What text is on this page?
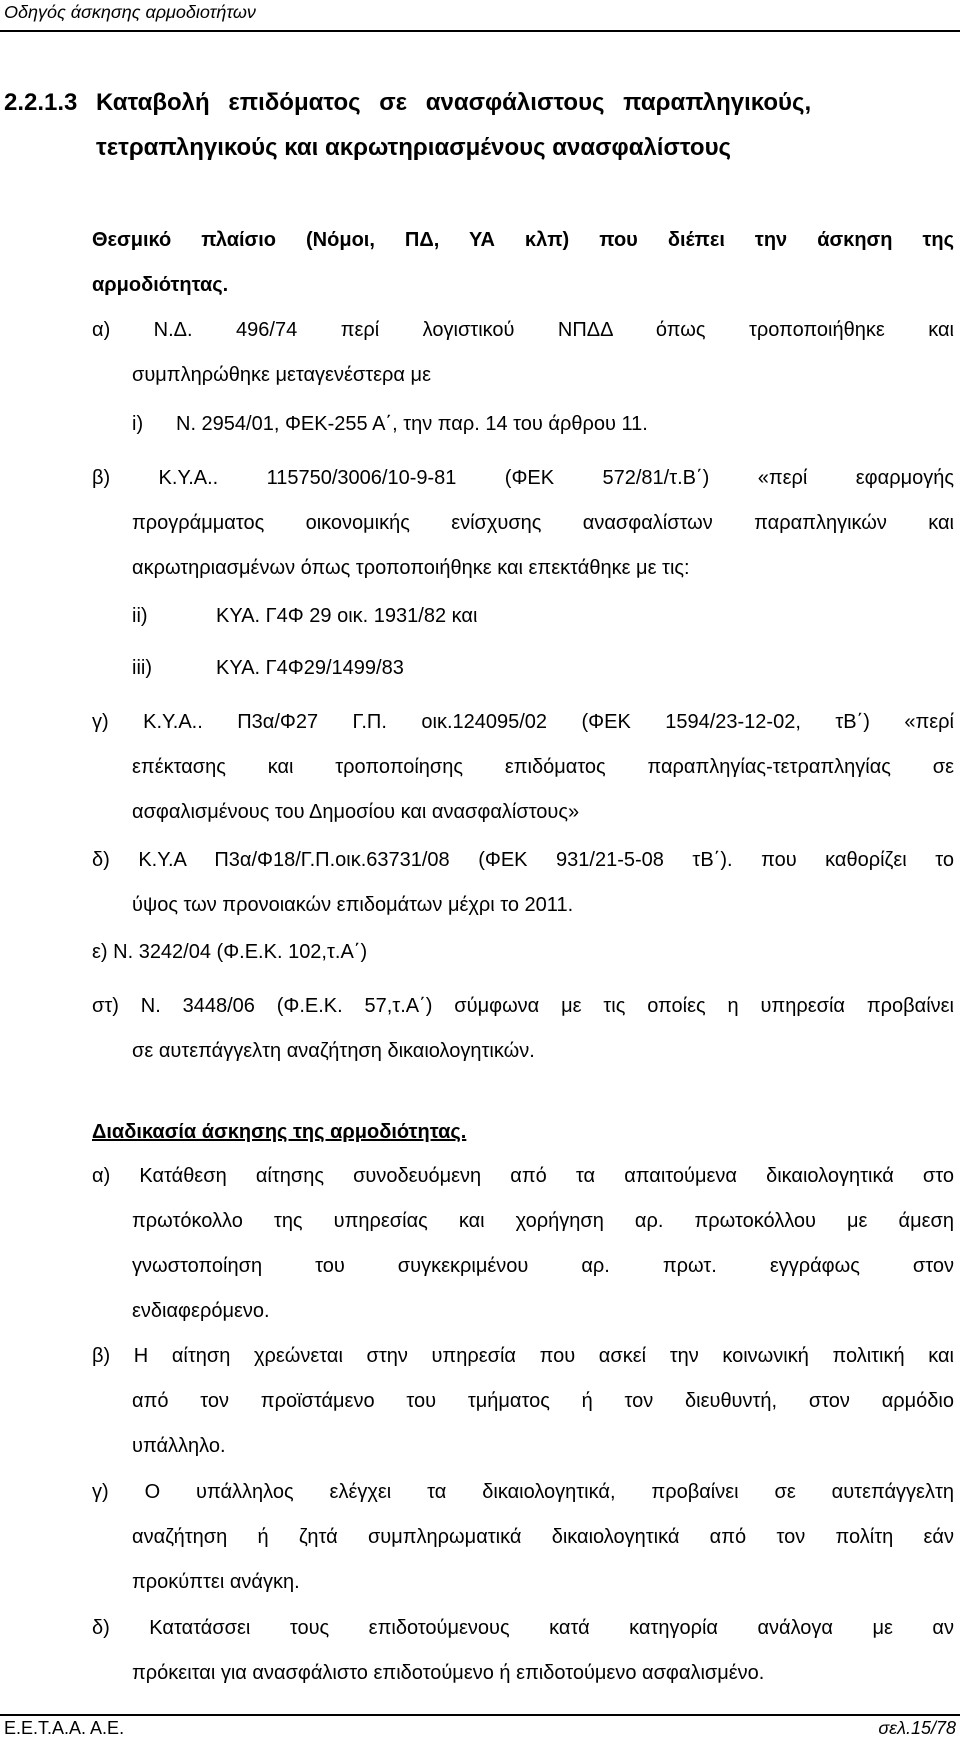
Οδηγός άσκησης αρμοδιοτήτων
2.2.1.3 Καταβολή επιδόματος σε ανασφάλιστους παραπληγικούς,
τετραπληγικούς και ακρωτηριασμένους ανασφαλίστους
Θεσμικό πλαίσιο (Νόμοι, ΠΔ, ΥΑ κλπ) που διέπει την άσκηση της
αρμοδιότητας.
α) Ν.Δ. 496/74 περί λογιστικού ΝΠΔΔ όπως τροποποιήθηκε και
συμπληρώθηκε μεταγενέστερα με
i) Ν. 2954/01, ΦΕΚ-255 Α΄, την παρ. 14 του άρθρου 11.
β) Κ.Υ.Α.. 115750/3006/10-9-81 (ΦΕΚ 572/81/τ.Β΄) «περί εφαρμογής
προγράμματος οικονομικής ενίσχυσης ανασφαλίστων παραπληγικών και
ακρωτηριασμένων όπως τροποποιήθηκε και επεκτάθηκε με τις:
ii)	ΚΥΑ. Γ4Φ 29 οικ. 1931/82 και
iii)	ΚΥΑ. Γ4Φ29/1499/83
γ) Κ.Υ.Α.. Π3α/Φ27 Γ.Π. οικ.124095/02 (ΦΕΚ 1594/23-12-02, τΒ΄) «περί
επέκτασης και τροποποίησης επιδόματος παραπληγίας-τετραπληγίας σε
ασφαλισμένους του Δημοσίου και ανασφαλίστους»
δ) Κ.Υ.Α Π3α/Φ18/Γ.Π.οικ.63731/08 (ΦΕΚ 931/21-5-08 τΒ΄). που καθορίζει το
ύψος των προνοιακών επιδομάτων μέχρι το 2011.
ε) Ν. 3242/04 (Φ.Ε.Κ. 102,τ.Α΄)
στ) Ν. 3448/06 (Φ.Ε.Κ. 57,τ.Α΄) σύμφωνα με τις οποίες η υπηρεσία προβαίνει
σε αυτεπάγγελτη αναζήτηση δικαιολογητικών.
Διαδικασία άσκησης της αρμοδιότητας.
α) Κατάθεση αίτησης συνοδευόμενη από τα απαιτούμενα δικαιολογητικά στο
πρωτόκολλο της υπηρεσίας και χορήγηση αρ. πρωτοκόλλου με άμεση
γνωστοποίηση του συγκεκριμένου αρ. πρωτ. εγγράφως στον
ενδιαφερόμενο.
β) Η αίτηση χρεώνεται στην υπηρεσία που ασκεί την κοινωνική πολιτική και
από τον προϊστάμενο του τμήματος ή τον διευθυντή, στον αρμόδιο
υπάλληλο.
γ) Ο υπάλληλος ελέγχει τα δικαιολογητικά, προβαίνει σε αυτεπάγγελτη
αναζήτηση ή ζητά συμπληρωματικά δικαιολογητικά από τον πολίτη εάν
προκύπτει ανάγκη.
δ) Κατατάσσει τους επιδοτούμενους κατά κατηγορία ανάλογα με αν
πρόκειται για ανασφάλιστο επιδοτούμενο ή επιδοτούμενο ασφαλισμένο.
Ε.Ε.Τ.Α.Α. Α.Ε.	σελ.15/78
